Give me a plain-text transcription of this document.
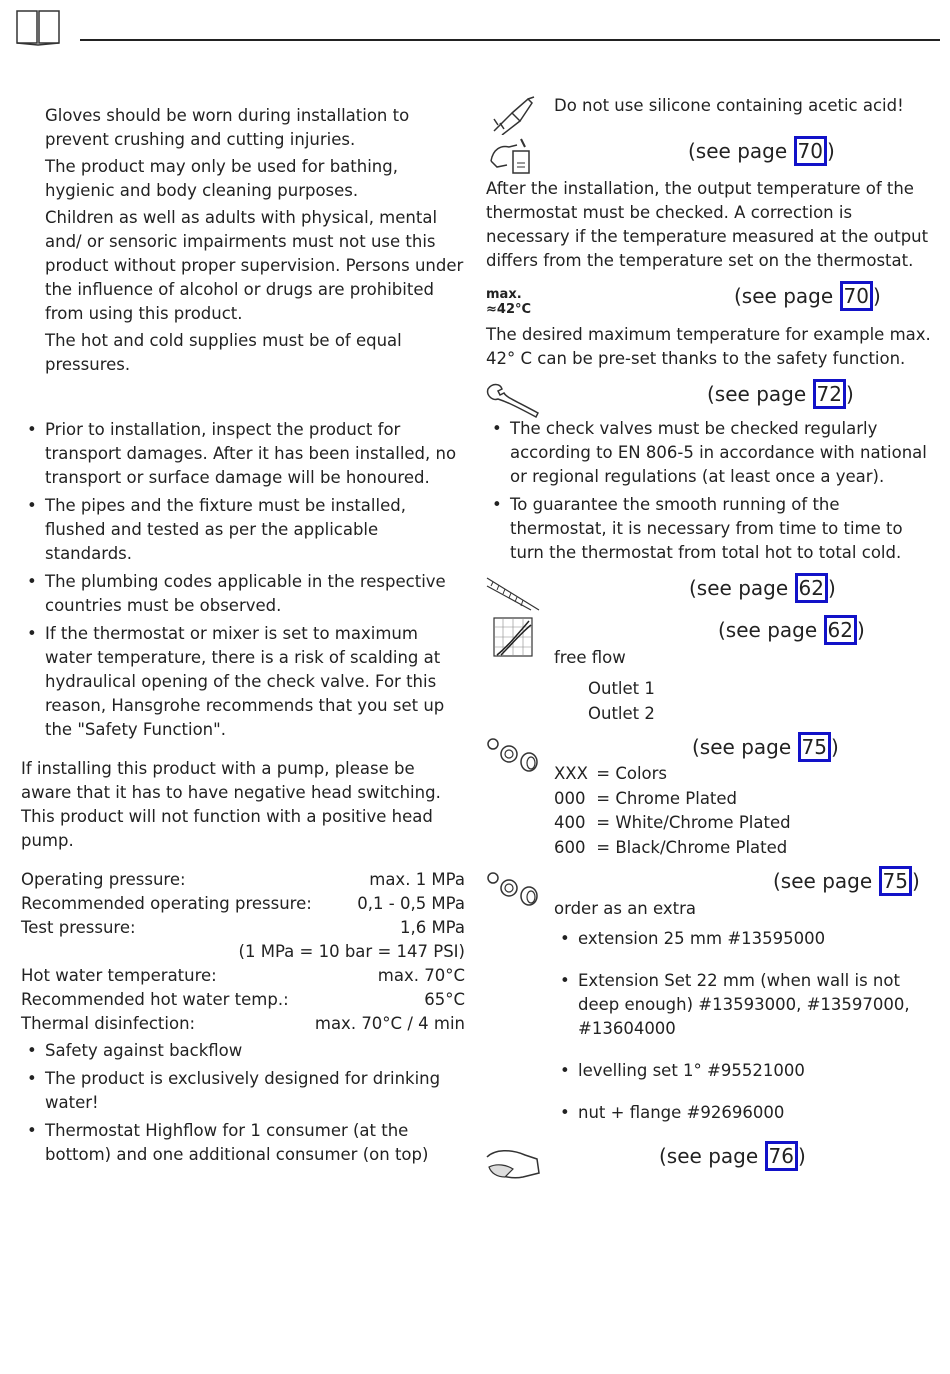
Gloves should be worn during installation to prevent crushing and cutting injuries.

The product may only be used for bathing, hygienic and body cleaning purposes.

Children as well as adults with physical, mental and/ or sensoric impairments must not use this product without proper supervision. Persons under the influence of alcohol or drugs are prohibited from using this product.

The hot and cold supplies must be of equal pressures.

• Prior to installation, inspect the product for transport damages. After it has been installed, no transport or surface damage will be honoured.
• The pipes and the fixture must be installed, flushed and tested as per the applicable standards.
• The plumbing codes applicable in the respective countries must be observed.
• If the thermostat or mixer is set to maximum water temperature, there is a risk of scalding at hydraulical opening of the check valve. For this reason, Hansgrohe recommends that you set up the "Safety Function".

If installing this product with a pump, please be aware that it has to have negative head switching. This product will not function with a positive head pump.

Operating pressure:	max. 1 MPa
Recommended operating pressure:	0,1 - 0,5 MPa
Test pressure:	1,6 MPa
(1 MPa = 10 bar = 147 PSI)
Hot water temperature:	max. 70°C
Recommended hot water temp.:	65°C
Thermal disinfection:	max. 70°C / 4 min
• Safety against backflow
• The product is exclusively designed for drinking water!
• Thermostat Highflow for 1 consumer (at the bottom) and one additional consumer (on top)
Do not use silicone containing acetic acid!
(see page 70 )

After the installation, the output temperature of the thermostat must be checked. A correction is necessary if the temperature measured at the output differs from the temperature set on the thermostat.

max.
≈42°C
(see page 70 )

The desired maximum temperature for example max. 42° C can be pre-set thanks to the safety function.

(see page 72 )
• The check valves must be checked regularly according to EN 806-5 in accordance with national or regional regulations (at least once a year).
• To guarantee the smooth running of the thermostat, it is necessary from time to time to turn the thermostat from total hot to total cold.
(see page 62 )
(see page 62 )
free flow
Outlet 1
Outlet 2
(see page 75 )
XXX = Colors
000 = Chrome Plated
400 = White/Chrome Plated
600 = Black/Chrome Plated
(see page 75 )
order as an extra
• extension 25 mm #13595000
• Extension Set 22 mm (when wall is not deep enough) #13593000, #13597000, #13604000
• levelling set 1° #95521000
• nut + flange #92696000
(see page 76 )
